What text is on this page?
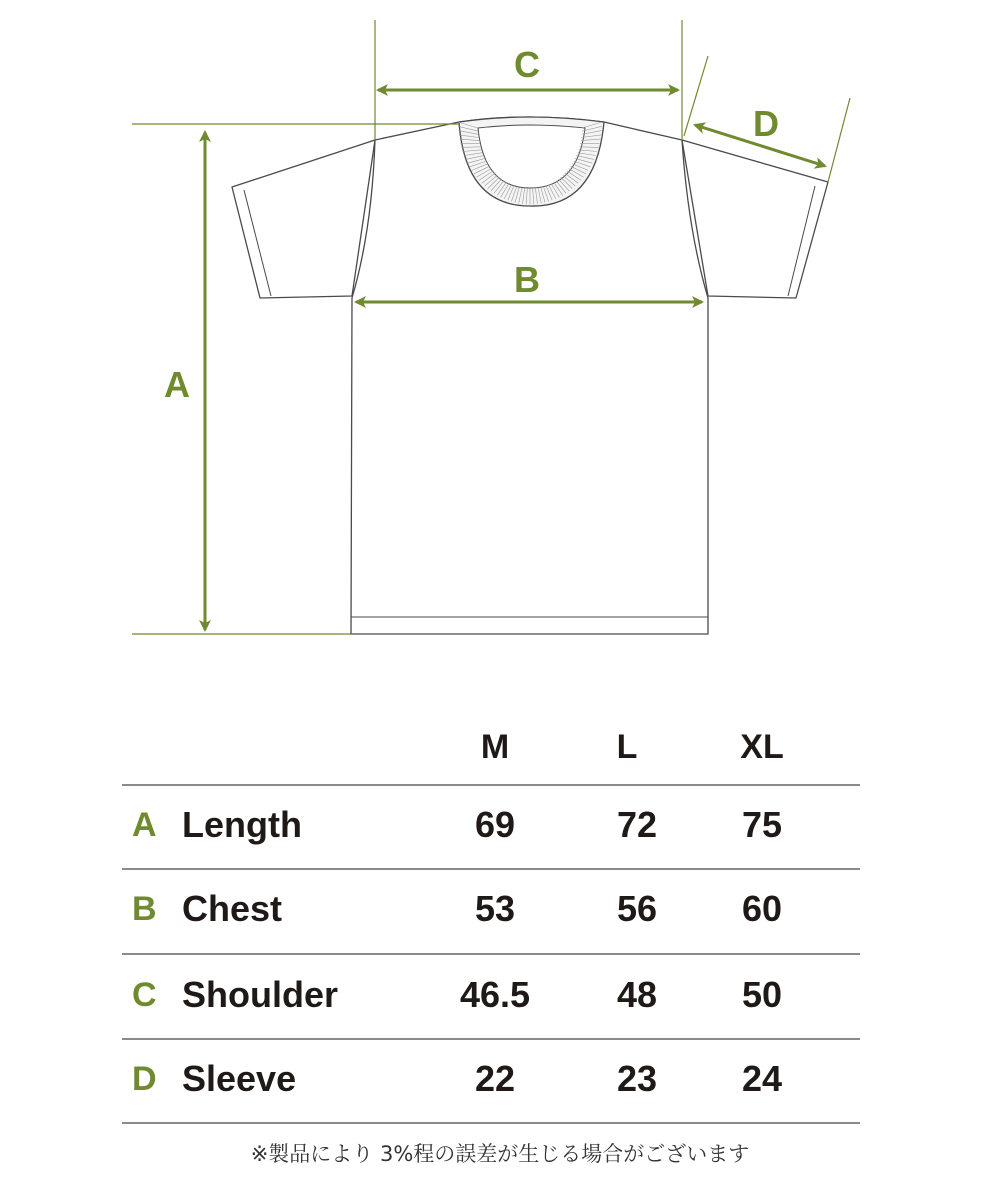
A
B
C
D
M	L	XL
A Length	69	72	75
B Chest	53	56	60
C Shoulder	46.5	48	50
D Sleeve	22	23	24
※製品により 3%程の誤差が生じる場合がございます
